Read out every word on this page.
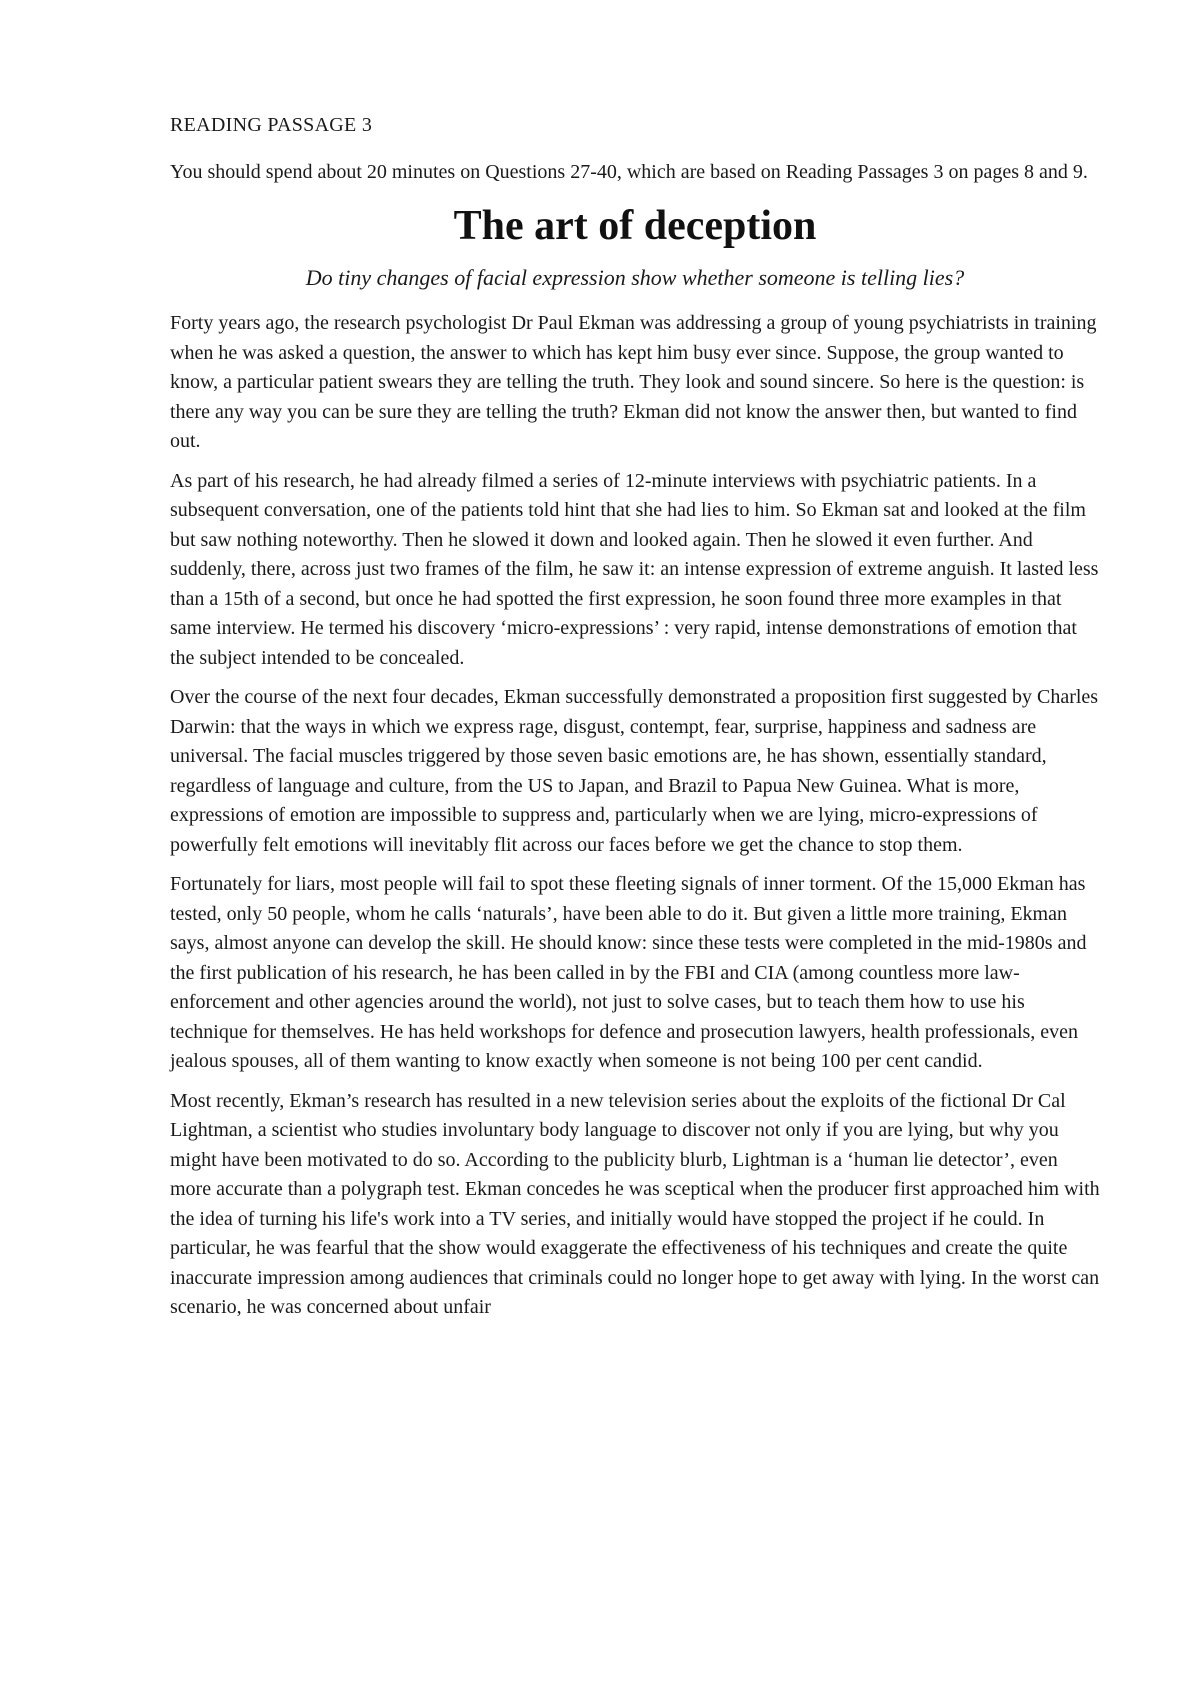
READING PASSAGE 3

You should spend about 20 minutes on Questions 27-40, which are based on Reading Passages 3 on pages 8 and 9.

The art of deception

Do tiny changes of facial expression show whether someone is telling lies?

Forty years ago, the research psychologist Dr Paul Ekman was addressing a group of young psychiatrists in training when he was asked a question, the answer to which has kept him busy ever since. Suppose, the group wanted to know, a particular patient swears they are telling the truth. They look and sound sincere. So here is the question: is there any way you can be sure they are telling the truth? Ekman did not know the answer then, but wanted to find out.

As part of his research, he had already filmed a series of 12-minute interviews with psychiatric patients. In a subsequent conversation, one of the patients told hint that she had lies to him. So Ekman sat and looked at the film but saw nothing noteworthy. Then he slowed it down and looked again. Then he slowed it even further. And suddenly, there, across just two frames of the film, he saw it: an intense expression of extreme anguish. It lasted less than a 15th of a second, but once he had spotted the first expression, he soon found three more examples in that same interview. He termed his discovery ‘micro-expressions’ : very rapid, intense demonstrations of emotion that the subject intended to be concealed.

Over the course of the next four decades, Ekman successfully demonstrated a proposition first suggested by Charles Darwin: that the ways in which we express rage, disgust, contempt, fear, surprise, happiness and sadness are universal. The facial muscles triggered by those seven basic emotions are, he has shown, essentially standard, regardless of language and culture, from the US to Japan, and Brazil to Papua New Guinea. What is more, expressions of emotion are impossible to suppress and, particularly when we are lying, micro-expressions of powerfully felt emotions will inevitably flit across our faces before we get the chance to stop them.

Fortunately for liars, most people will fail to spot these fleeting signals of inner torment. Of the 15,000 Ekman has tested, only 50 people, whom he calls ‘naturals’, have been able to do it. But given a little more training, Ekman says, almost anyone can develop the skill. He should know: since these tests were completed in the mid-1980s and the first publication of his research, he has been called in by the FBI and CIA (among countless more law- enforcement and other agencies around the world), not just to solve cases, but to teach them how to use his technique for themselves. He has held workshops for defence and prosecution lawyers, health professionals, even jealous spouses, all of them wanting to know exactly when someone is not being 100 per cent candid.

Most recently, Ekman’s research has resulted in a new television series about the exploits of the fictional Dr Cal Lightman, a scientist who studies involuntary body language to discover not only if you are lying, but why you might have been motivated to do so. According to the publicity blurb, Lightman is a ‘human lie detector’, even more accurate than a polygraph test. Ekman concedes he was sceptical when the producer first approached him with the idea of turning his life's work into a TV series, and initially would have stopped the project if he could. In particular, he was fearful that the show would exaggerate the effectiveness of his techniques and create the quite inaccurate impression among audiences that criminals could no longer hope to get away with lying. In the worst can scenario, he was concerned about unfair
